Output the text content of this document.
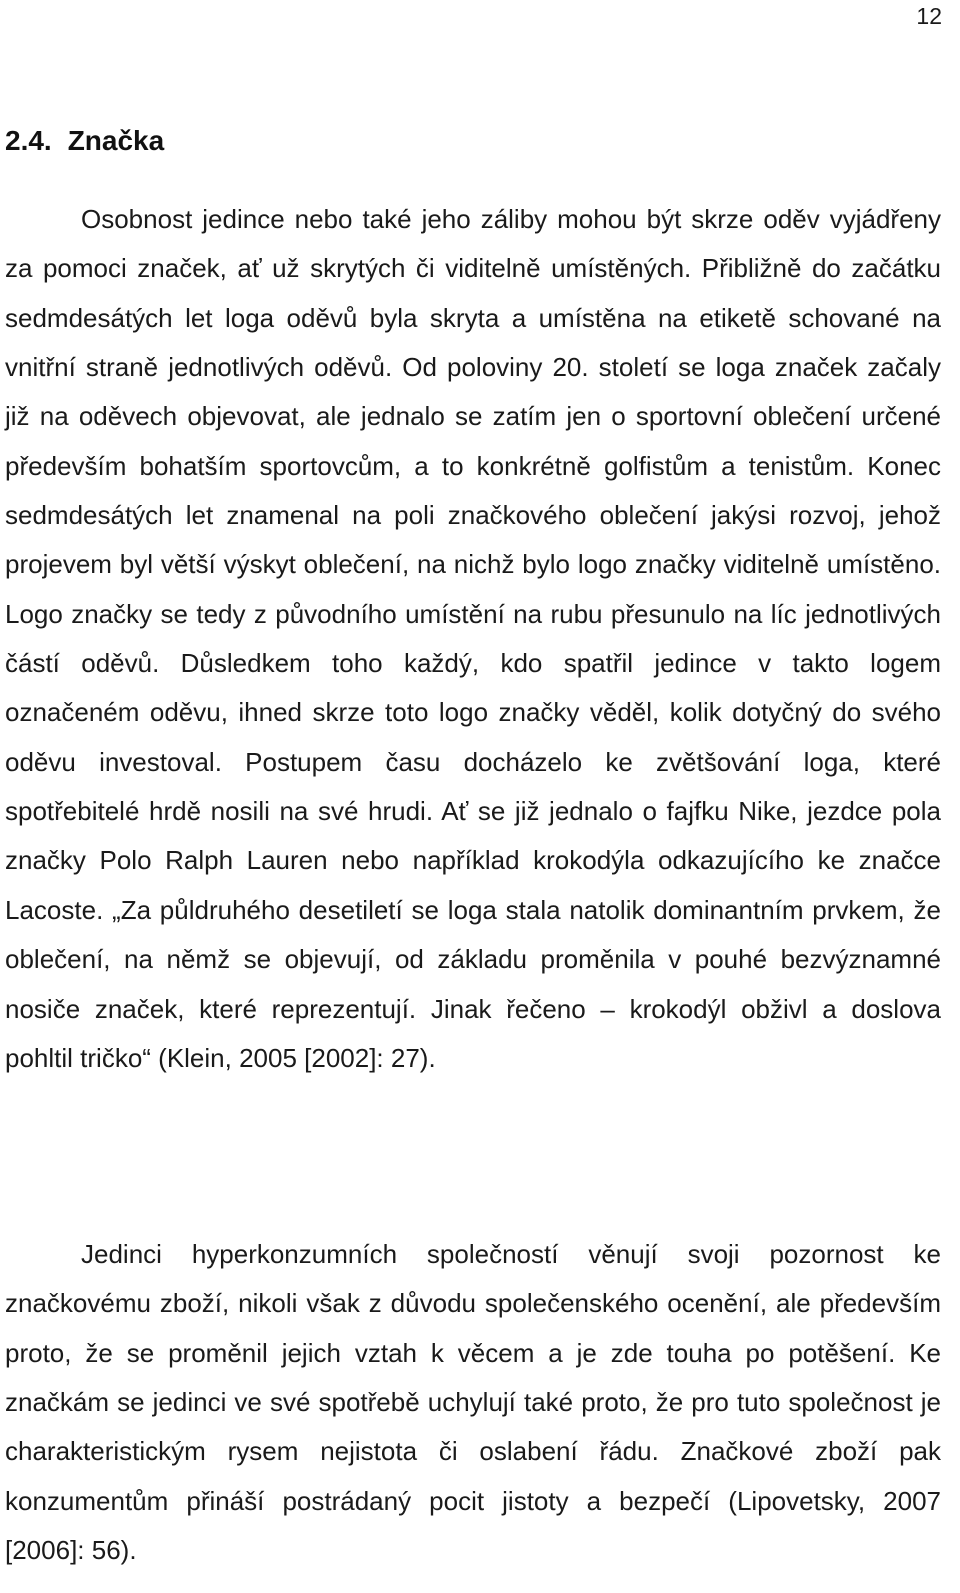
12
2.4. Značka

Osobnost jedince nebo také jeho záliby mohou být skrze oděv vyjádřeny za pomoci značek, ať už skrytých či viditelně umístěných. Přibližně do začátku sedmdesátých let loga oděvů byla skryta a umístěna na etiketě schované na vnitřní straně jednotlivých oděvů. Od poloviny 20. století se loga značek začaly již na oděvech objevovat, ale jednalo se zatím jen o sportovní oblečení určené především bohatším sportovcům, a to konkrétně golfistům a tenistům. Konec sedmdesátých let znamenal na poli značkového oblečení jakýsi rozvoj, jehož projevem byl větší výskyt oblečení, na nichž bylo logo značky viditelně umístěno. Logo značky se tedy z původního umístění na rubu přesunulo na líc jednotlivých částí oděvů. Důsledkem toho každý, kdo spatřil jedince v takto logem označeném oděvu, ihned skrze toto logo značky věděl, kolik dotyčný do svého oděvu investoval. Postupem času docházelo ke zvětšování loga, které spotřebitelé hrdě nosili na své hrudi. Ať se již jednalo o fajfku Nike, jezdce pola značky Polo Ralph Lauren nebo například krokodýla odkazujícího ke značce Lacoste. „Za půldruhého desetiletí se loga stala natolik dominantním prvkem, že oblečení, na němž se objevují, od základu proměnila v pouhé bezvýznamné nosiče značek, které reprezentují. Jinak řečeno – krokodýl obživl a doslova pohltil tričko“ (Klein, 2005 [2002]: 27).

Jedinci hyperkonzumních společností věnují svoji pozornost ke značkovému zboží, nikoli však z důvodu společenského ocenění, ale především proto, že se proměnil jejich vztah k věcem a je zde touha po potěšení. Ke značkám se jedinci ve své spotřebě uchylují také proto, že pro tuto společnost je charakteristickým rysem nejistota či oslabení řádu. Značkové zboží pak konzumentům přináší postrádaný pocit jistoty a bezpečí (Lipovetsky, 2007 [2006]: 56).
